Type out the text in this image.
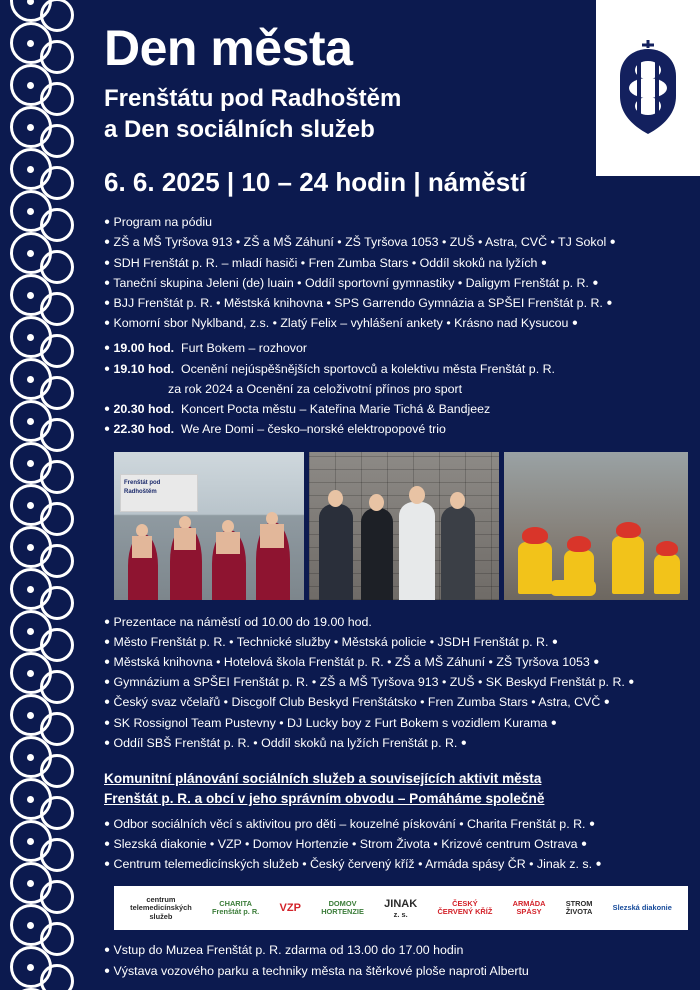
Den města
Frenštátu pod Radhoštěm
a Den sociálních služeb
6. 6. 2025 | 10 – 24 hodin | náměstí
● Program na pódiu
● ZŠ a MŠ Tyršova 913 • ZŠ a MŠ Záhuní • ZŠ Tyršova 1053 • ZUŠ • Astra, CVČ • TJ Sokol ●
● SDH Frenštát p. R. – mladí hasiči • Fren Zumba Stars • Oddíl skoků na lyžích ●
● Taneční skupina Jeleni (de) luain • Oddíl sportovní gymnastiky • Daligym Frenštát p. R. ●
● BJJ Frenštát p. R. • Městská knihovna • SPS Garrendo Gymnázia a SPŠEI Frenštát p. R. ●
● Komorní sbor Nyklband, z.s. • Zlatý Felix – vyhlášení ankety • Krásno nad Kysucou ●
● 19.00 hod. Furt Bokem – rozhovor
● 19.10 hod. Ocenění nejúspěšnějších sportovců a kolektivu města Frenštát p. R.
za rok 2024 a Ocenění za celoživotní přínos pro sport
● 20.30 hod. Koncert Pocta městu – Kateřina Marie Tichá & Bandjeez
● 22.30 hod. We Are Domi – česko–norské elektropopové trio
Frenštát pod Radhoštěm
● Prezentace na náměstí od 10.00 do 19.00 hod.
● Město Frenštát p. R. • Technické služby • Městská policie • JSDH Frenštát p. R. ●
● Městská knihovna • Hotelová škola Frenštát p. R. • ZŠ a MŠ Záhuní • ZŠ Tyršova 1053 ●
● Gymnázium a SPŠEI Frenštát p. R. • ZŠ a MŠ Tyršova 913 • ZUŠ • SK Beskyd Frenštát p. R. ●
● Český svaz včelařů • Discgolf Club Beskyd Frenštátsko • Fren Zumba Stars • Astra, CVČ ●
● SK Rossignol Team Pustevny • DJ Lucky boy z Furt Bokem s vozidlem Kurama ●
● Oddíl SBŠ Frenštát p. R. • Oddíl skoků na lyžích Frenštát p. R. ●
Komunitní plánování sociálních služeb a souvisejících aktivit města
Frenštát p. R. a obcí v jeho správním obvodu – Pomáháme společně
● Odbor sociálních věcí s aktivitou pro děti – kouzelné pískování • Charita Frenštát p. R. ●
● Slezská diakonie • VZP • Domov Hortenzie • Strom Života • Krizové centrum Ostrava ●
● Centrum telemedicínských služeb • Český červený kříž • Armáda spásy ČR • Jinak z. s. ●
centrum
telemedicínských
služeb
CHARITA
Frenštát p. R. VZP	DOMOV
HORTENZIE
JINAK
z. s.
ČESKÝ
ČERVENÝ KŘÍŽ
ARMÁDA
SPÁSY
STROM
ŽIVOTA	Slezská diakonie
● Vstup do Muzea Frenštát p. R. zdarma od 13.00 do 17.00 hodin
● Výstava vozového parku a techniky města na štěrkové ploše naproti Albertu
